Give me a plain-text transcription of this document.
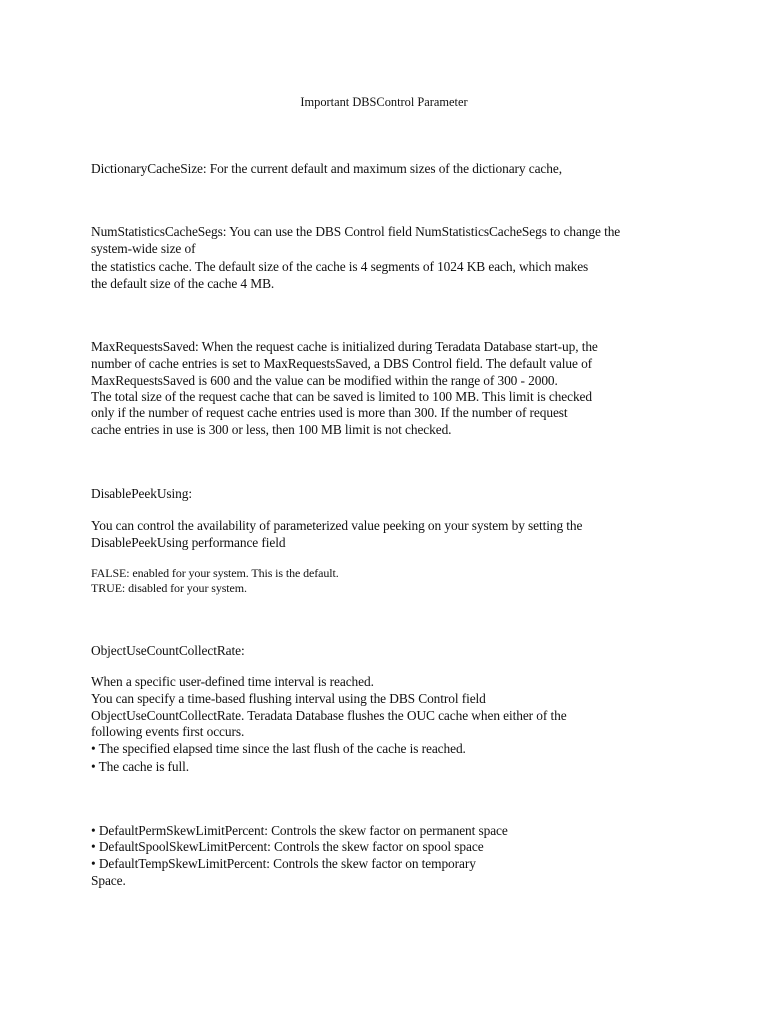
Important DBSControl Parameter
DictionaryCacheSize: For the current default and maximum sizes of the dictionary cache,
NumStatisticsCacheSegs: You can use the DBS Control field NumStatisticsCacheSegs to change the
system-wide size of
the statistics cache. The default size of the cache is 4 segments of 1024 KB each, which makes
the default size of the cache 4 MB.
MaxRequestsSaved: When the request cache is initialized during Teradata Database start-up, the
number of cache entries is set to MaxRequestsSaved, a DBS Control field. The default value of
MaxRequestsSaved is 600 and the value can be modified within the range of 300 - 2000.
The total size of the request cache that can be saved is limited to 100 MB. This limit is checked
only if the number of request cache entries used is more than 300. If the number of request
cache entries in use is 300 or less, then 100 MB limit is not checked.
DisablePeekUsing:
You can control the availability of parameterized value peeking on your system by setting the
DisablePeekUsing performance field
FALSE: enabled for your system. This is the default.
TRUE: disabled for your system.
ObjectUseCountCollectRate:
When a specific user-defined time interval is reached.
You can specify a time-based flushing interval using the DBS Control field
ObjectUseCountCollectRate. Teradata Database flushes the OUC cache when either of the
following events first occurs.
• The specified elapsed time since the last flush of the cache is reached.
• The cache is full.
• DefaultPermSkewLimitPercent: Controls the skew factor on permanent space
• DefaultSpoolSkewLimitPercent: Controls the skew factor on spool space
• DefaultTempSkewLimitPercent: Controls the skew factor on temporary
Space.
